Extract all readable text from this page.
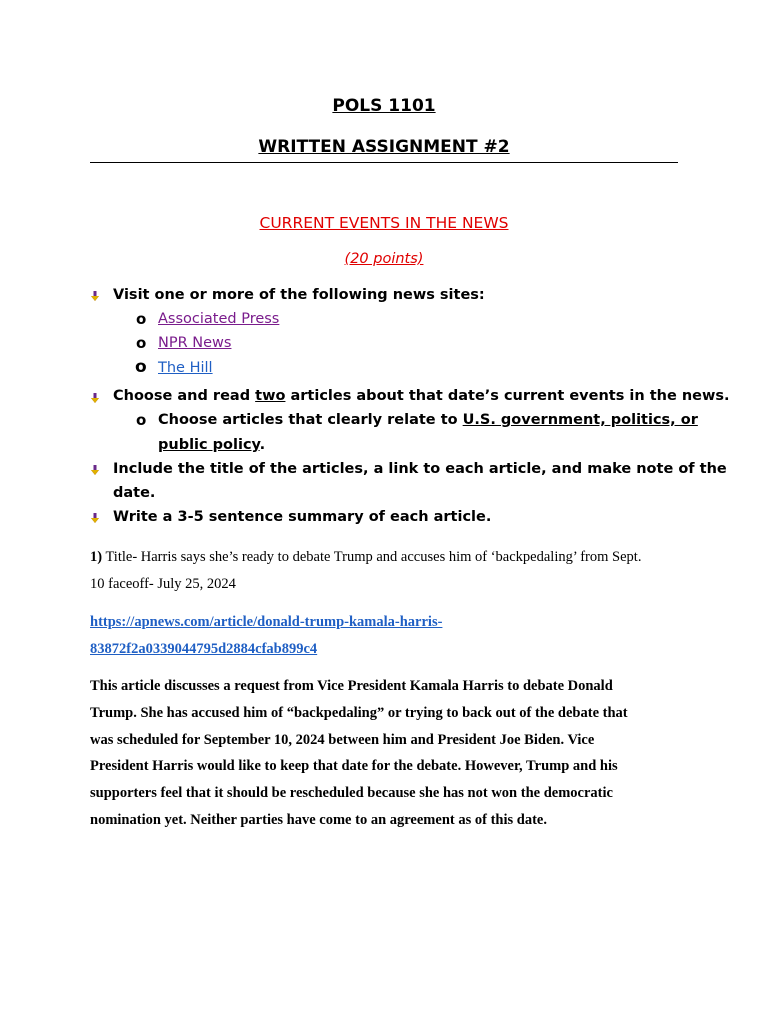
POLS 1101
WRITTEN ASSIGNMENT #2
CURRENT EVENTS IN THE NEWS
(20 points)
Visit one or more of the following news sites:
o Associated Press
o NPR News
o The Hill
Choose and read two articles about that date’s current events in the news.
o Choose articles that clearly relate to U.S. government, politics, or
public policy.
Include the title of the articles, a link to each article, and make note of the
date.
Write a 3-5 sentence summary of each article.
1) Title- Harris says she’s ready to debate Trump and accuses him of ‘backpedaling’ from Sept.
10 faceoff- July 25, 2024
https://apnews.com/article/donald-trump-kamala-harris-
83872f2a0339044795d2884cfab899c4
This article discusses a request from Vice President Kamala Harris to debate Donald
Trump. She has accused him of “backpedaling” or trying to back out of the debate that
was scheduled for September 10, 2024 between him and President Joe Biden. Vice
President Harris would like to keep that date for the debate. However, Trump and his
supporters feel that it should be rescheduled because she has not won the democratic
nomination yet. Neither parties have come to an agreement as of this date.
